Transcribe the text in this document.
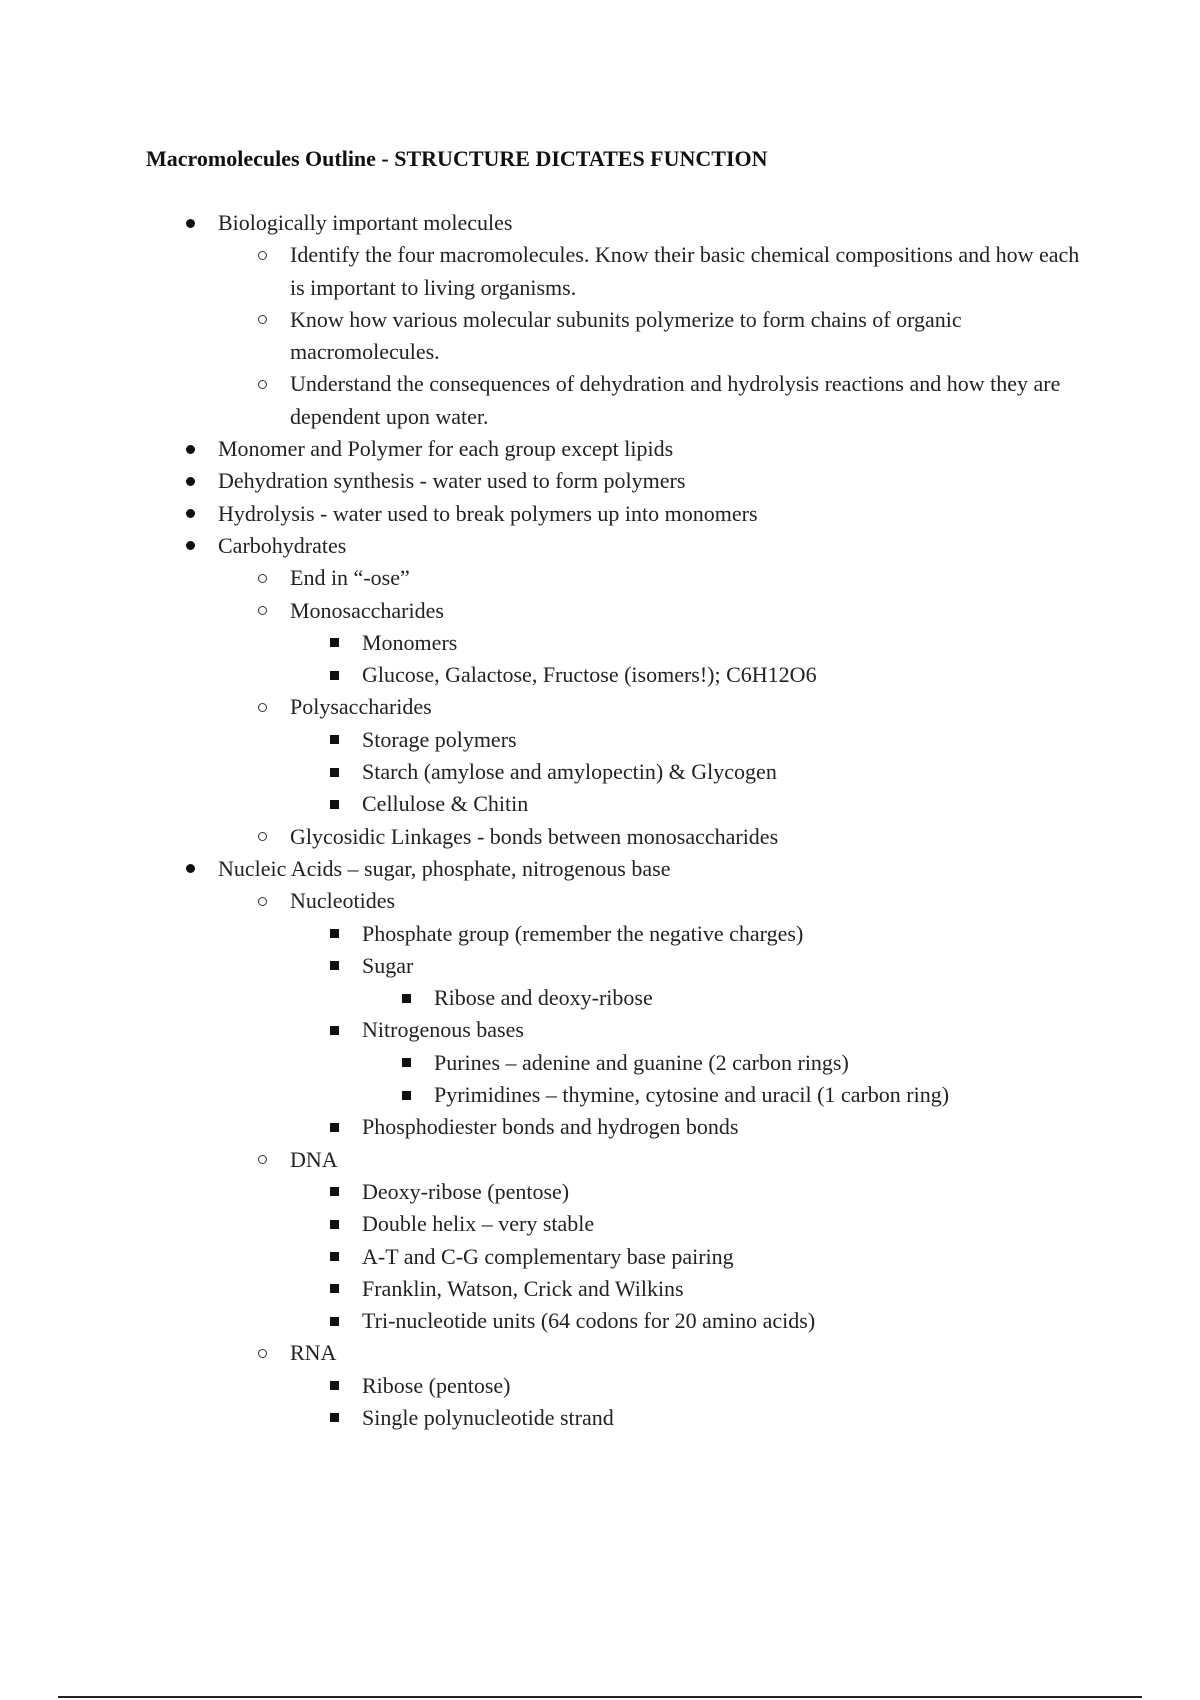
Macromolecules Outline - STRUCTURE DICTATES FUNCTION
Biologically important molecules
Identify the four macromolecules. Know their basic chemical compositions and how each is important to living organisms.
Know how various molecular subunits polymerize to form chains of organic macromolecules.
Understand the consequences of dehydration and hydrolysis reactions and how they are dependent upon water.
Monomer and Polymer for each group except lipids
Dehydration synthesis - water used to form polymers
Hydrolysis - water used to break polymers up into monomers
Carbohydrates
End in “-ose”
Monosaccharides
Monomers
Glucose, Galactose, Fructose (isomers!); C6H12O6
Polysaccharides
Storage polymers
Starch (amylose and amylopectin) & Glycogen
Cellulose & Chitin
Glycosidic Linkages - bonds between monosaccharides
Nucleic Acids – sugar, phosphate, nitrogenous base
Nucleotides
Phosphate group (remember the negative charges)
Sugar
Ribose and deoxy-ribose
Nitrogenous bases
Purines – adenine and guanine (2 carbon rings)
Pyrimidines – thymine, cytosine and uracil (1 carbon ring)
Phosphodiester bonds and hydrogen bonds
DNA
Deoxy-ribose (pentose)
Double helix – very stable
A-T and C-G complementary base pairing
Franklin, Watson, Crick and Wilkins
Tri-nucleotide units (64 codons for 20 amino acids)
RNA
Ribose (pentose)
Single polynucleotide strand
